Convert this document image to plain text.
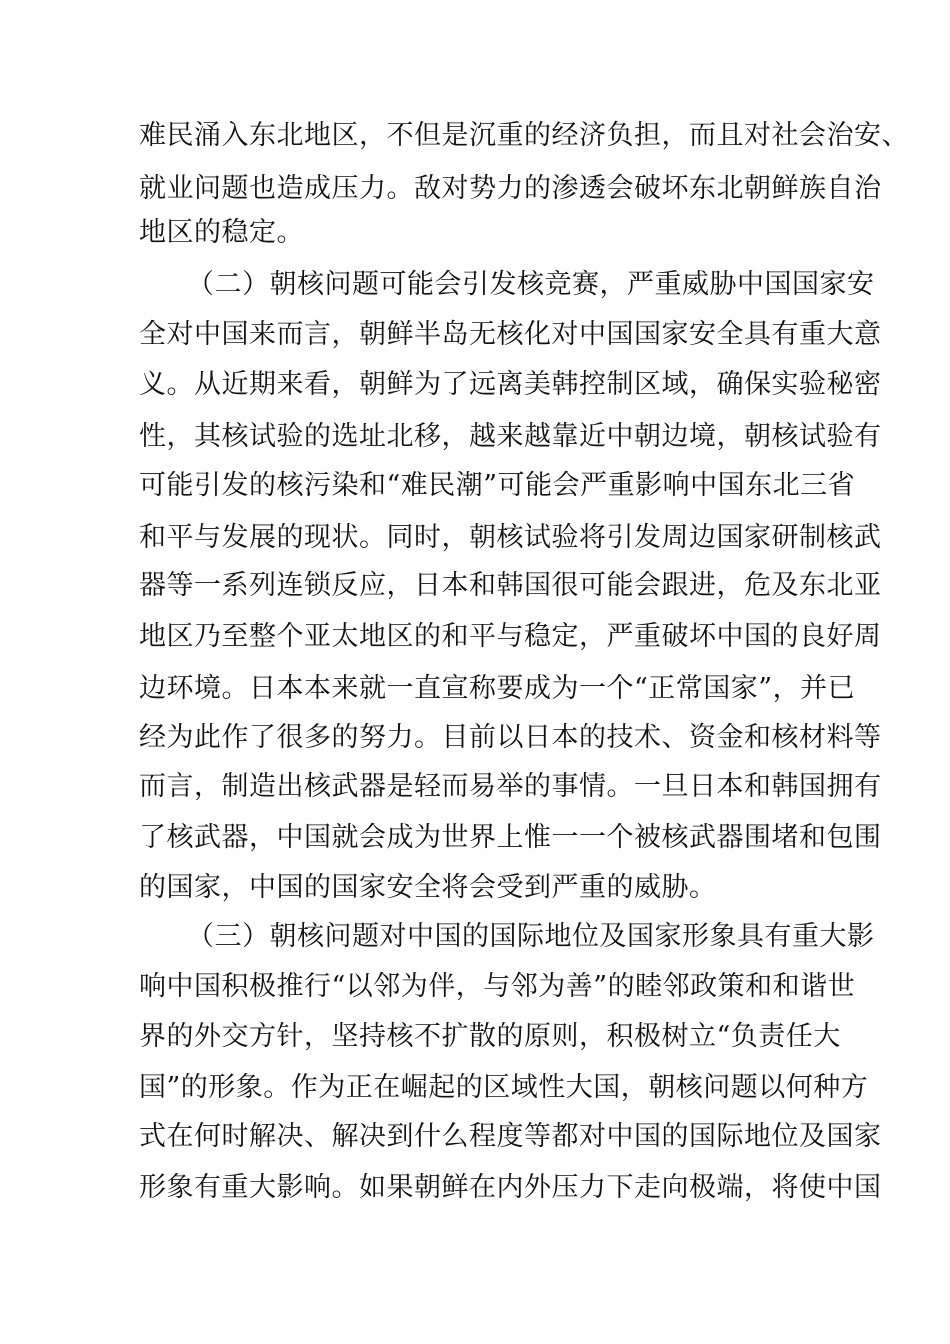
难民涌入东北地区，不但是沉重的经济负担，而且对社会治安、
就业问题也造成压力。敌对势力的渗透会破坏东北朝鲜族自治
地区的稳定。
（二）朝核问题可能会引发核竞赛，严重威胁中国国家安
全对中国来而言，朝鲜半岛无核化对中国国家安全具有重大意
义。从近期来看，朝鲜为了远离美韩控制区域，确保实验秘密
性，其核试验的选址北移，越来越靠近中朝边境，朝核试验有
可能引发的核污染和“难民潮”可能会严重影响中国东北三省
和平与发展的现状。同时，朝核试验将引发周边国家研制核武
器等一系列连锁反应，日本和韩国很可能会跟进，危及东北亚
地区乃至整个亚太地区的和平与稳定，严重破坏中国的良好周
边环境。日本本来就一直宣称要成为一个“正常国家”，并已
经为此作了很多的努力。目前以日本的技术、资金和核材料等
而言，制造出核武器是轻而易举的事情。一旦日本和韩国拥有
了核武器，中国就会成为世界上惟一一个被核武器围堵和包围
的国家，中国的国家安全将会受到严重的威胁。
（三）朝核问题对中国的国际地位及国家形象具有重大影
响中国积极推行“以邻为伴，与邻为善”的睦邻政策和和谐世
界的外交方针，坚持核不扩散的原则，积极树立“负责任大
国”的形象。作为正在崛起的区域性大国，朝核问题以何种方
式在何时解决、解决到什么程度等都对中国的国际地位及国家
形象有重大影响。如果朝鲜在内外压力下走向极端，将使中国
